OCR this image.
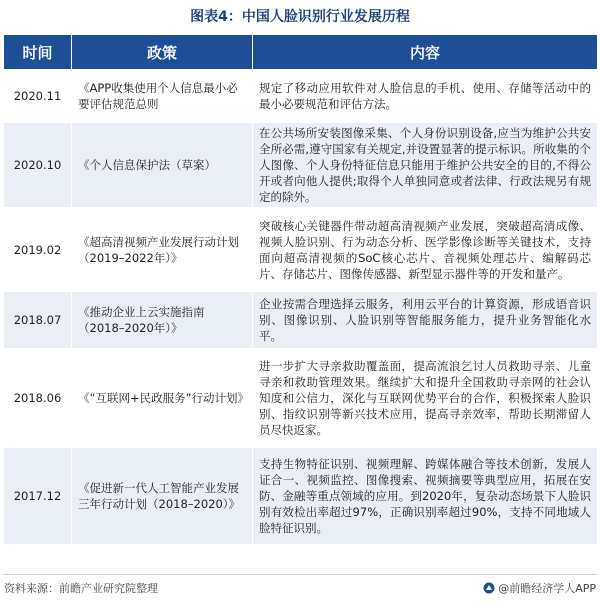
图表4：中国人脸识别行业发展历程
时间	政策	内容
2020.11	《APP收集使用个人信息最小必要评估规范总则	规定了移动应用软件对人脸信息的手机、使用、存储等活动中的最小必要规范和评估方法。
2020.10	《个人信息保护法（草案）	在公共场所安装图像采集、个人身份识别设备,应当为维护公共安全所必需,遵守国家有关规定,并设置显著的提示标识。所收集的个人图像、个人身份特征信息只能用于维护公共安全的目的,不得公开或者向他人提供;取得个人单独同意或者法律、行政法规另有规定的除外。
2019.02	《超高清视频产业发展行动计划（2019–2022年）》	突破核心关键器件带动超高清视频产业发展，突破超高清成像、视频人脸识别、行为动态分析、医学影像诊断等关键技术，支持面向超高清视频的SoC核心芯片、音视频处理芯片、编解码芯片、存储芯片、图像传感器、新型显示器件等的开发和量产。
2018.07	《推动企业上云实施指南（2018–2020年）》	企业按需合理选择云服务，利用云平台的计算资源，形成语音识别、图像识别、人脸识别等智能服务能力，提升业务智能化水平。
2018.06	《“互联网+民政服务”行动计划》	进一步扩大寻亲救助覆盖面，提高流浪乞讨人员救助寻亲、儿童寻亲和救助管理效果。继续扩大和提升全国救助寻亲网的社会认知度和公信力，深化与互联网优势平台的合作，积极探索人脸识别、指纹识别等新兴技术应用，提高寻亲效率，帮助长期滞留人员尽快返家。
2017.12	《促进新一代人工智能产业发展三年行动计划（2018–2020）》	支持生物特征识别、视频理解、跨媒体融合等技术创新，发展人证合一、视频监控、图像搜索、视频摘要等典型应用，拓展在安防、金融等重点领域的应用。到2020年，复杂动态场景下人脸识别有效检出率超过97%，正确识别率超过90%，支持不同地域人脸特征识别。
资料来源：前瞻产业研究院整理	@前瞻经济学人APP
